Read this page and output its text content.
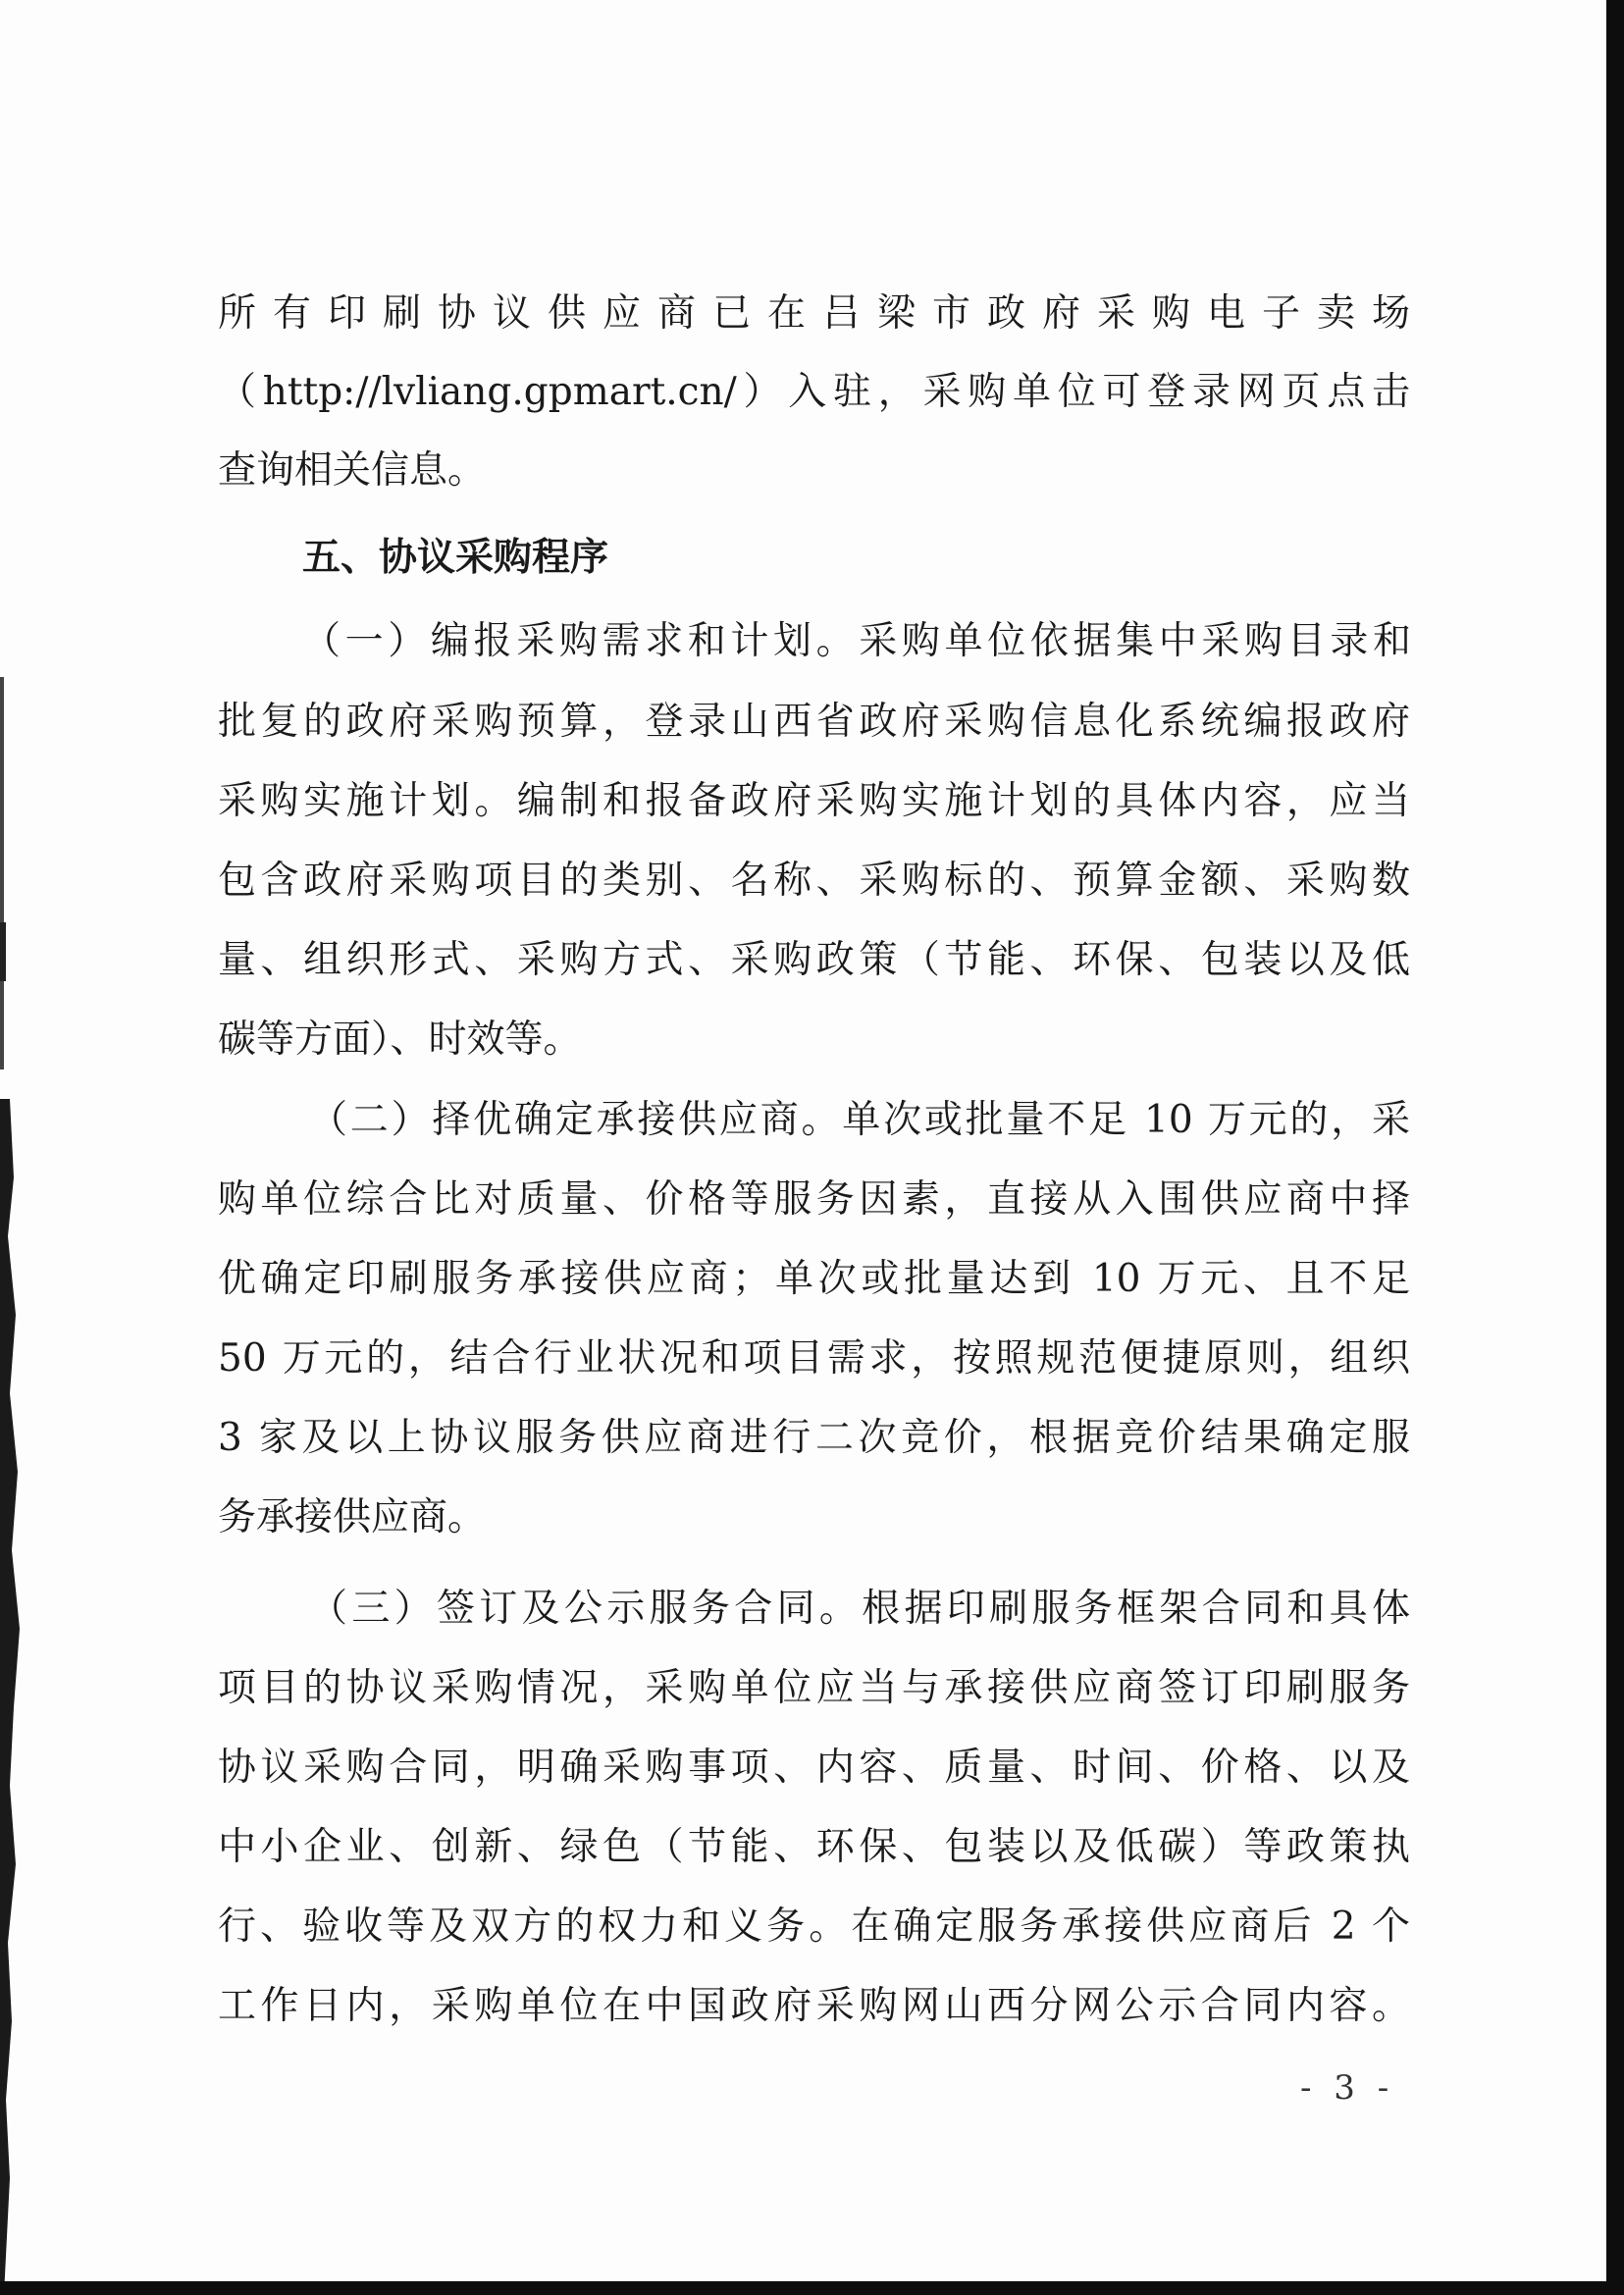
所有印刷协议供应商已在吕梁市政府采购电子卖场
（http://lvliang.gpmart.cn/）入驻，采购单位可登录网页点击
查询相关信息。
五、协议采购程序
（一）编报采购需求和计划。采购单位依据集中采购目录和
批复的政府采购预算，登录山西省政府采购信息化系统编报政府
采购实施计划。编制和报备政府采购实施计划的具体内容，应当
包含政府采购项目的类别、名称、采购标的、预算金额、采购数
量、组织形式、采购方式、采购政策（节能、环保、包装以及低
碳等方面）、时效等。
（二）择优确定承接供应商。单次或批量不足 10 万元的，采
购单位综合比对质量、价格等服务因素，直接从入围供应商中择
优确定印刷服务承接供应商；单次或批量达到 10 万元、且不足
50 万元的，结合行业状况和项目需求，按照规范便捷原则，组织
3 家及以上协议服务供应商进行二次竞价，根据竞价结果确定服
务承接供应商。
（三）签订及公示服务合同。根据印刷服务框架合同和具体
项目的协议采购情况，采购单位应当与承接供应商签订印刷服务
协议采购合同，明确采购事项、内容、质量、时间、价格、以及
中小企业、创新、绿色（节能、环保、包装以及低碳）等政策执
行、验收等及双方的权力和义务。在确定服务承接供应商后 2 个
工作日内，采购单位在中国政府采购网山西分网公示合同内容。
- 3 -
